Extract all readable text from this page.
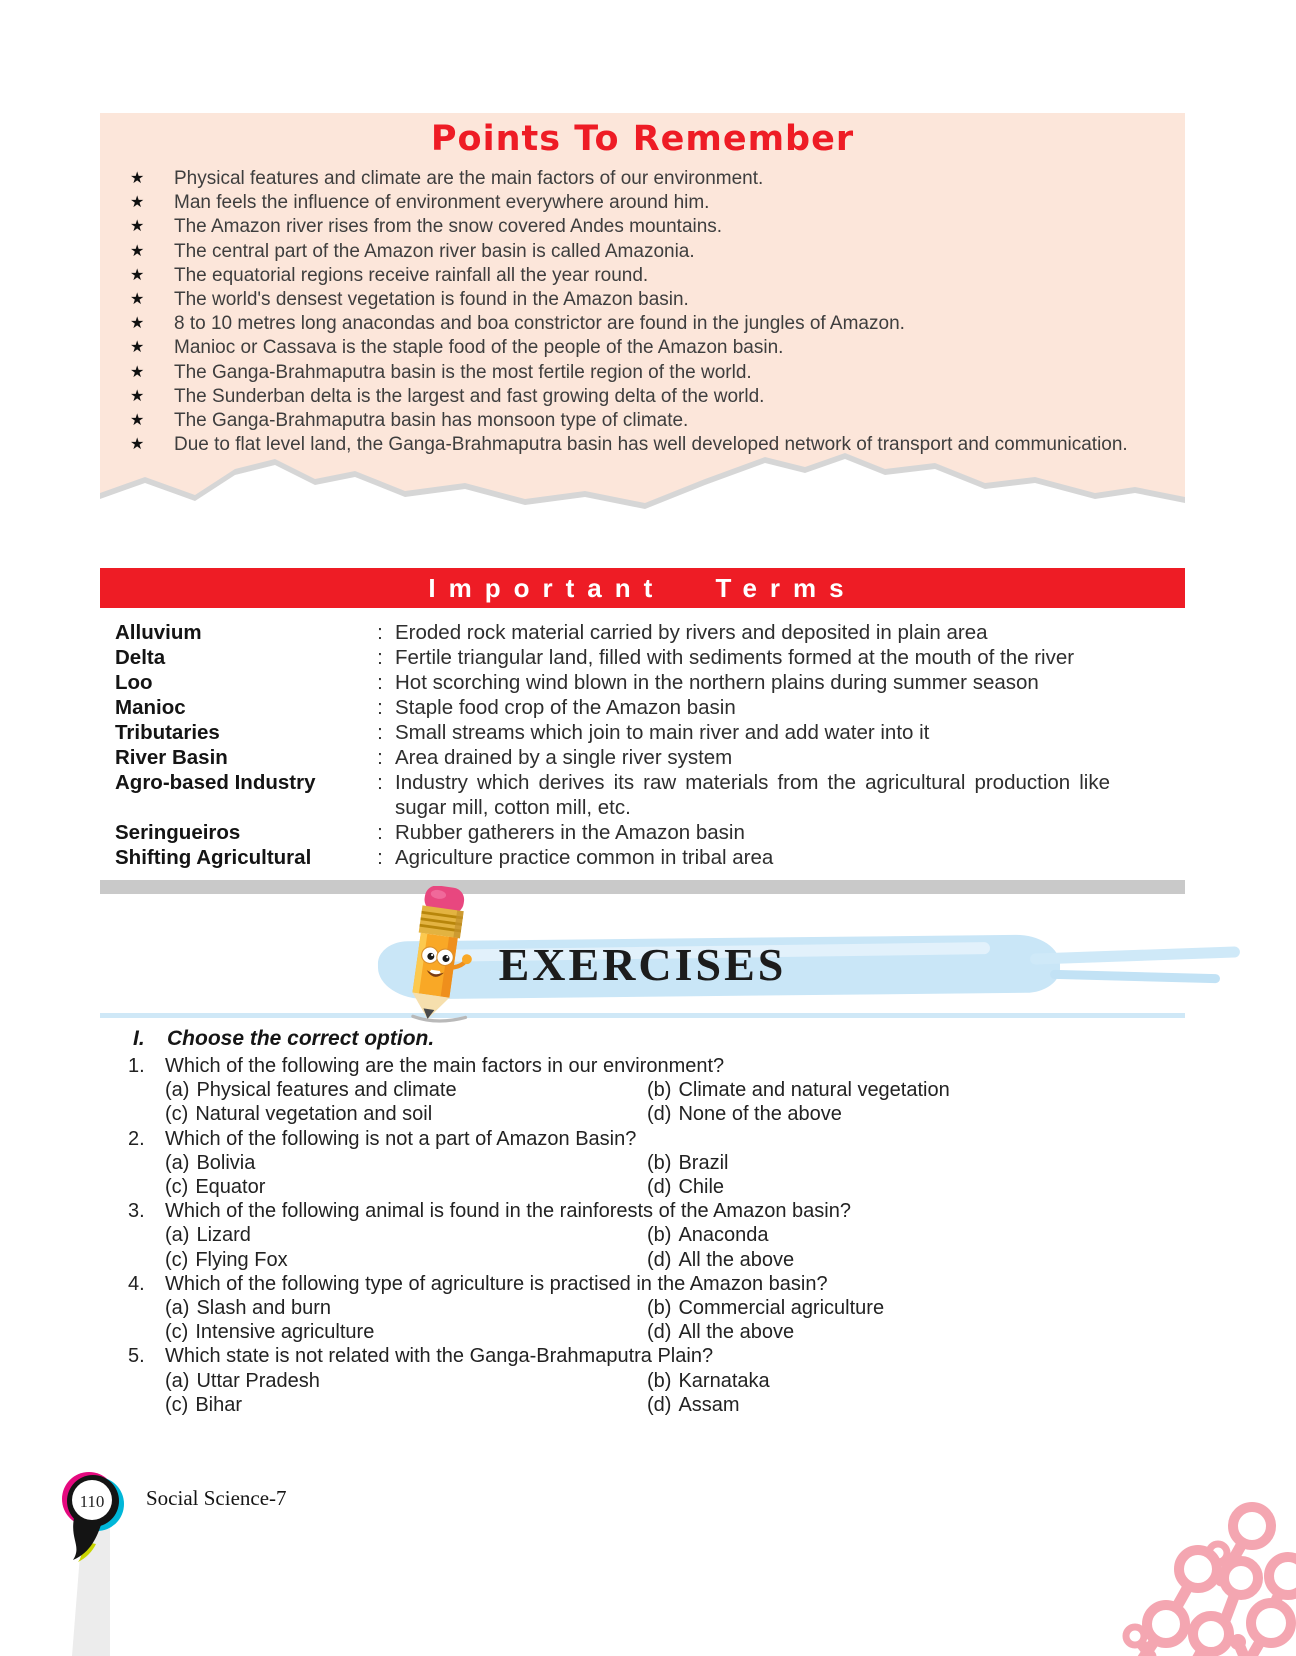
Points To Remember
★	Physical features and climate are the main factors of our environment.
★	Man feels the influence of environment everywhere around him.
★	The Amazon river rises from the snow covered Andes mountains.
★	The central part of the Amazon river basin is called Amazonia.
★	The equatorial regions receive rainfall all the year round.
★	The world's densest vegetation is found in the Amazon basin.
★	8 to 10 metres long anacondas and boa constrictor are found in the jungles of Amazon.
★	Manioc or Cassava is the staple food of the people of the Amazon basin.
★	The Ganga-Brahmaputra basin is the most fertile region of the world.
★	The Sunderban delta is the largest and fast growing delta of the world.
★	The Ganga-Brahmaputra basin has monsoon type of climate.
★	Due to flat level land, the Ganga-Brahmaputra basin has well developed network of transport and communication.
Important Terms
Alluvium	: Eroded rock material carried by rivers and deposited in plain area
Delta	: Fertile triangular land, filled with sediments formed at the mouth of the river
Loo	: Hot scorching wind blown in the northern plains during summer season
Manioc	: Staple food crop of the Amazon basin
Tributaries	: Small streams which join to main river and add water into it
River Basin	: Area drained by a single river system
Agro-based Industry	: Industry which derives its raw materials from the agricultural production like sugar mill, cotton mill, etc.
Seringueiros	: Rubber gatherers in the Amazon basin
Shifting Agricultural	: Agriculture practice common in tribal area
EXERCISES
I.	Choose the correct option.
1.	Which of the following are the main factors in our environment?
(a) Physical features and climate	(b) Climate and natural vegetation
(c) Natural vegetation and soil	(d) None of the above
2.	Which of the following is not a part of Amazon Basin?
(a) Bolivia	(b) Brazil
(c) Equator	(d) Chile
3.	Which of the following animal is found in the rainforests of the Amazon basin?
(a) Lizard	(b) Anaconda
(c) Flying Fox	(d) All the above
4.	Which of the following type of agriculture is practised in the Amazon basin?
(a) Slash and burn	(b) Commercial agriculture
(c) Intensive agriculture	(d) All the above
5.	Which state is not related with the Ganga-Brahmaputra Plain?
(a) Uttar Pradesh	(b) Karnataka
(c) Bihar	(d) Assam
110 Social Science-7
